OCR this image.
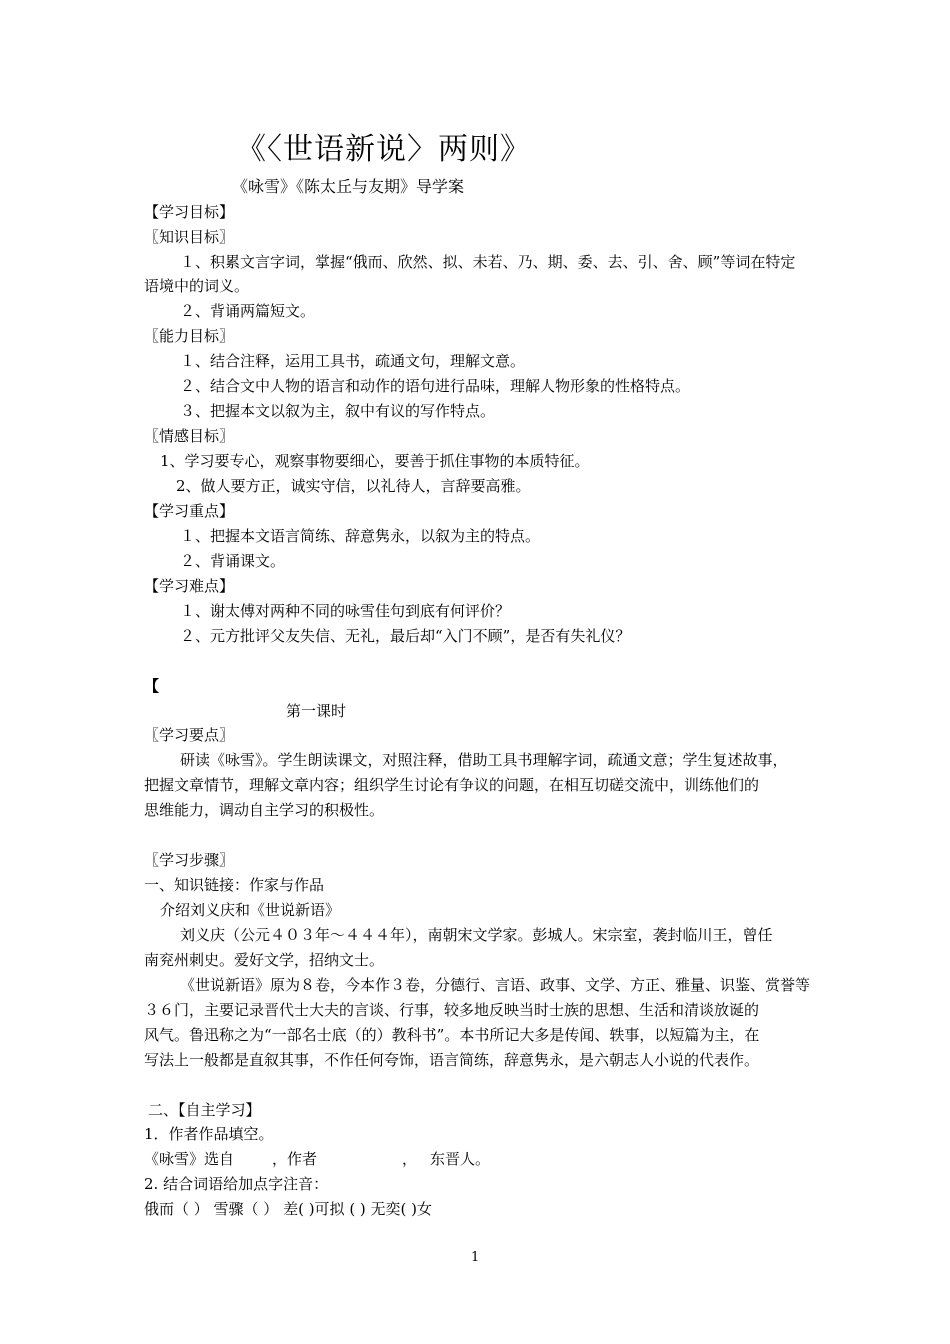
《〈世语新说〉两则》
《咏雪》《陈太丘与友期》导学案
【学习目标】
〖知识目标〗
１、积累文言字词，掌握“俄而、欣然、拟、未若、乃、期、委、去、引、舍、顾”等词在特定
语境中的词义。
２、背诵两篇短文。
〖能力目标〗
１、结合注释，运用工具书，疏通文句，理解文意。
２、结合文中人物的语言和动作的语句进行品味，理解人物形象的性格特点。
３、把握本文以叙为主，叙中有议的写作特点。
〖情感目标〗
1、学习要专心，观察事物要细心，要善于抓住事物的本质特征。
2、做人要方正，诚实守信，以礼待人，言辞要高雅。
【学习重点】
１、把握本文语言简练、辞意隽永，以叙为主的特点。
２、背诵课文。
【学习难点】
１、谢太傅对两种不同的咏雪佳句到底有何评价？
２、元方批评父友失信、无礼，最后却“入门不顾”，是否有失礼仪？
【
第一课时
〖学习要点〗
研读《咏雪》。学生朗读课文，对照注释，借助工具书理解字词，疏通文意；学生复述故事，
把握文章情节，理解文章内容；组织学生讨论有争议的问题，在相互切磋交流中，训练他们的
思维能力，调动自主学习的积极性。
〖学习步骤〗
一、知识链接：作家与作品
介绍刘义庆和《世说新语》
刘义庆（公元４０３年～４４４年），南朝宋文学家。彭城人。宋宗室，袭封临川王，曾任
南兖州刺史。爱好文学，招纳文士。
《世说新语》原为８卷，今本作３卷，分德行、言语、政事、文学、方正、雅量、识鉴、赏誉等
３６门，主要记录晋代士大夫的言谈、行事，较多地反映当时士族的思想、生活和清谈放诞的
风气。鲁迅称之为“一部名士底（的）教科书”。本书所记大多是传闻、轶事，以短篇为主，在
写法上一般都是直叙其事，不作任何夸饰，语言简练，辞意隽永，是六朝志人小说的代表作。
二、【自主学习】
1．作者作品填空。
《咏雪》选自	，作者	， 东晋人。
2. 结合词语给加点字注音：
俄而（ ） 雪骤（ ） 差( )可拟 ( ) 无奕( )女
1
